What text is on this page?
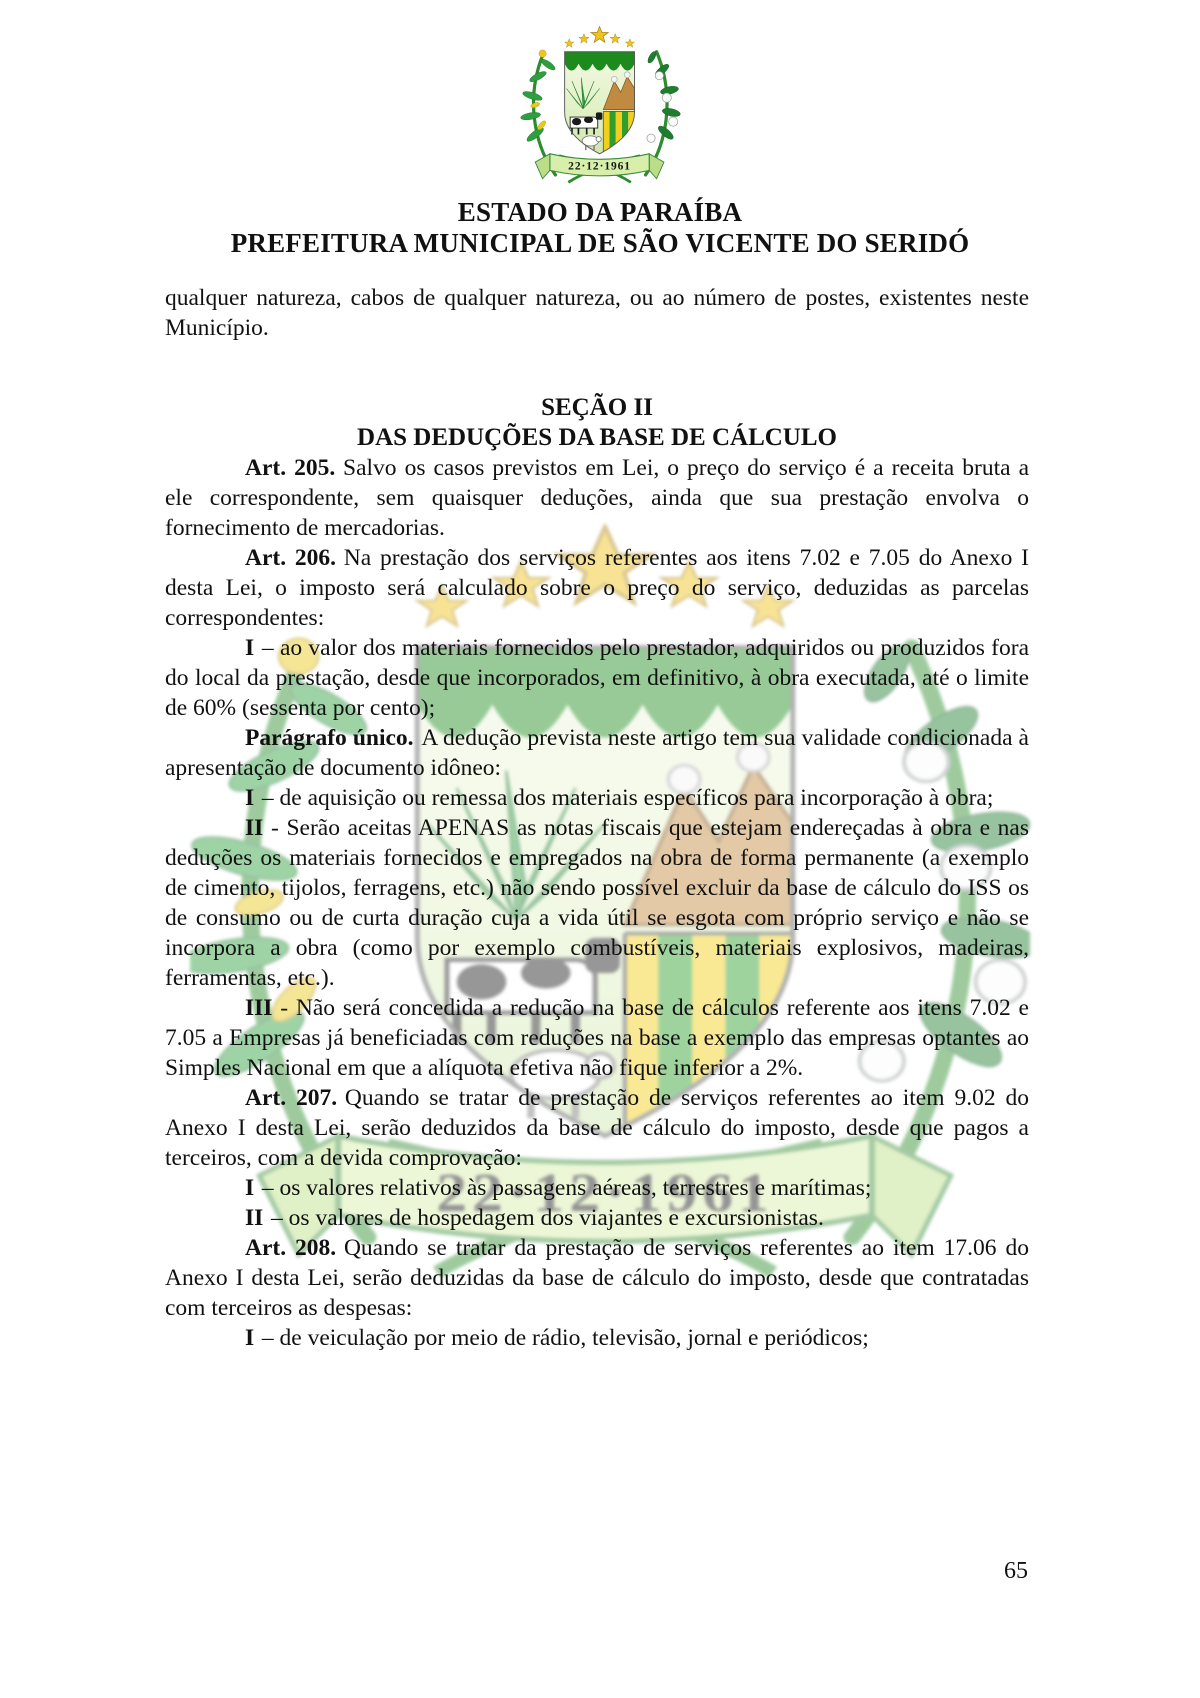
ESTADO DA PARAÍBA
PREFEITURA MUNICIPAL DE SÃO VICENTE DO SERIDÓ

qualquer natureza, cabos de qualquer natureza, ou ao número de postes, existentes neste Município.

SEÇÃO II
DAS DEDUÇÕES DA BASE DE CÁLCULO

Art. 205. Salvo os casos previstos em Lei, o preço do serviço é a receita bruta a ele correspondente, sem quaisquer deduções, ainda que sua prestação envolva o fornecimento de mercadorias.

Art. 206. Na prestação dos serviços referentes aos itens 7.02 e 7.05 do Anexo I desta Lei, o imposto será calculado sobre o preço do serviço, deduzidas as parcelas correspondentes:

I – ao valor dos materiais fornecidos pelo prestador, adquiridos ou produzidos fora do local da prestação, desde que incorporados, em definitivo, à obra executada, até o limite de 60% (sessenta por cento);

Parágrafo único. A dedução prevista neste artigo tem sua validade condicionada à apresentação de documento idôneo:

I – de aquisição ou remessa dos materiais específicos para incorporação à obra;

II - Serão aceitas APENAS as notas fiscais que estejam endereçadas à obra e nas deduções os materiais fornecidos e empregados na obra de forma permanente (a exemplo de cimento, tijolos, ferragens, etc.) não sendo possível excluir da base de cálculo do ISS os de consumo ou de curta duração cuja a vida útil se esgota com próprio serviço e não se incorpora a obra (como por exemplo combustíveis, materiais explosivos, madeiras, ferramentas, etc.).

III - Não será concedida a redução na base de cálculos referente aos itens 7.02 e 7.05 a Empresas já beneficiadas com reduções na base a exemplo das empresas optantes ao Simples Nacional em que a alíquota efetiva não fique inferior a 2%.

Art. 207. Quando se tratar de prestação de serviços referentes ao item 9.02 do Anexo I desta Lei, serão deduzidos da base de cálculo do imposto, desde que pagos a terceiros, com a devida comprovação:

I – os valores relativos às passagens aéreas, terrestres e marítimas;

II – os valores de hospedagem dos viajantes e excursionistas.

Art. 208. Quando se tratar da prestação de serviços referentes ao item 17.06 do Anexo I desta Lei, serão deduzidas da base de cálculo do imposto, desde que contratadas com terceiros as despesas:

I – de veiculação por meio de rádio, televisão, jornal e periódicos;

65
